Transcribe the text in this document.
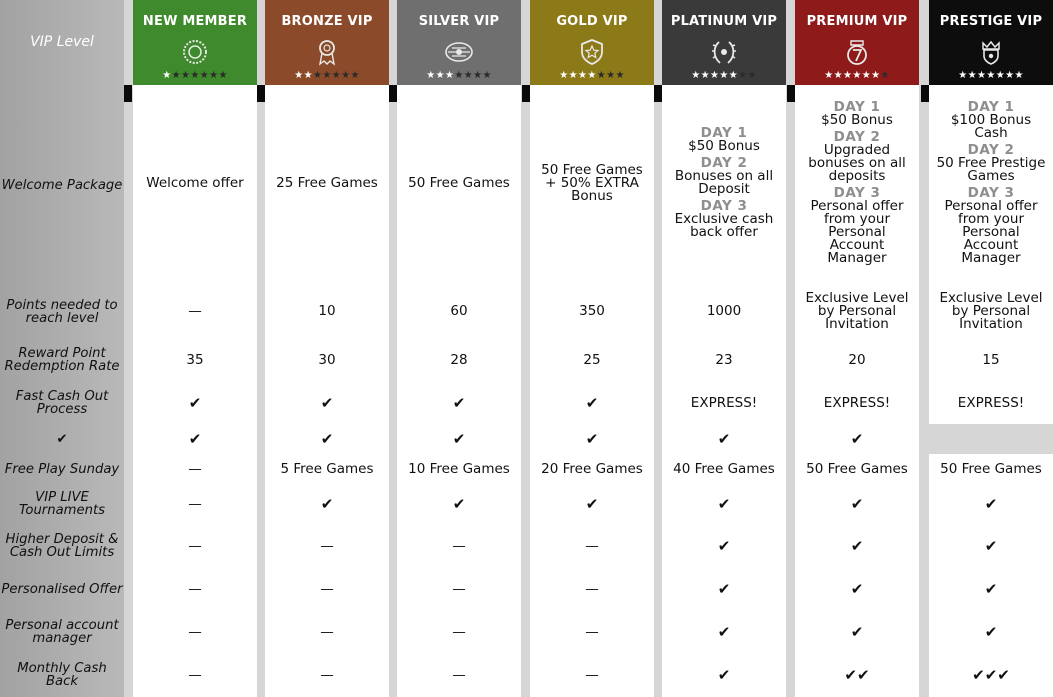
VIP Level
Welcome Package
Points needed to reach level
Reward Point Redemption Rate
Fast Cash Out Process
✔
Free Play Sunday
VIP LIVE Tournaments
Higher Deposit & Cash Out Limits
Personalised Offer
Personal account manager
Monthly Cash Back
NEW MEMBER
★★★★★★★
Welcome offer
—
35
✔
✔
—
—
—
—
—
—
BRONZE VIP
★★★★★★★
25 Free Games
10
30
✔
✔
5 Free Games
✔
—
—
—
—
SILVER VIP
★★★★★★★
50 Free Games
60
28
✔
✔
10 Free Games
✔
—
—
—
—
GOLD VIP
★★★★★★★
50 Free Games + 50% EXTRA Bonus
350
25
✔
✔
20 Free Games
✔
—
—
—
—
PLATINUM VIP
★★★★★★★
DAY 1
$50 Bonus
DAY 2
Bonuses on all Deposit
DAY 3
Exclusive cash back offer
1000
23
EXPRESS!
✔
40 Free Games
✔
✔
✔
✔
✔
PREMIUM VIP
★★★★★★★
DAY 1
$50 Bonus
DAY 2
Upgraded bonuses on all deposits
DAY 3
Personal offer from your Personal Account Manager
Exclusive Level by Personal Invitation
20
EXPRESS!
✔
50 Free Games
✔
✔
✔
✔
✔✔
PRESTIGE VIP
★★★★★★★
DAY 1
$100 Bonus Cash
DAY 2
50 Free Prestige Games
DAY 3
Personal offer from your Personal Account Manager
Exclusive Level by Personal Invitation
15
EXPRESS!
50 Free Games
✔
✔
✔
✔
✔✔✔
